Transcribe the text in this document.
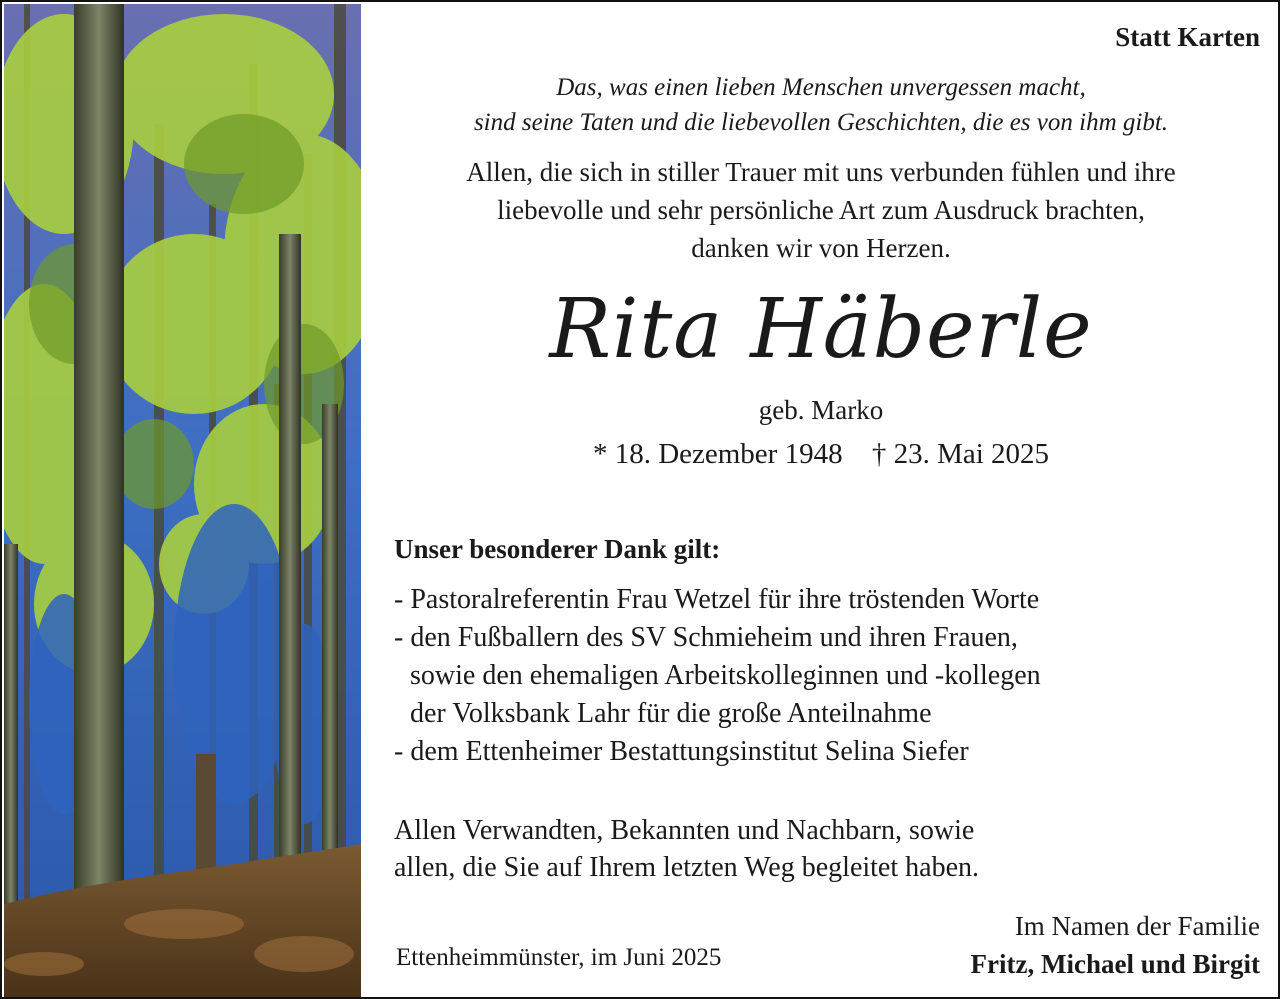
Statt Karten
Das, was einen lieben Menschen unvergessen macht,
sind seine Taten und die liebevollen Geschichten, die es von ihm gibt.
Allen, die sich in stiller Trauer mit uns verbunden fühlen und ihre
liebevolle und sehr persönliche Art zum Ausdruck brachten,
danken wir von Herzen.
Rita Häberle
geb. Marko
* 18. Dezember 1948 † 23. Mai 2025
Unser besonderer Dank gilt:
- Pastoralreferentin Frau Wetzel für ihre tröstenden Worte
- den Fußballern des SV Schmieheim und ihren Frauen,
sowie den ehemaligen Arbeitskolleginnen und -kollegen
der Volksbank Lahr für die große Anteilnahme
- dem Ettenheimer Bestattungsinstitut Selina Siefer
Allen Verwandten, Bekannten und Nachbarn, sowie
allen, die Sie auf Ihrem letzten Weg begleitet haben.
Ettenheimmünster, im Juni 2025
Im Namen der Familie
Fritz, Michael und Birgit
